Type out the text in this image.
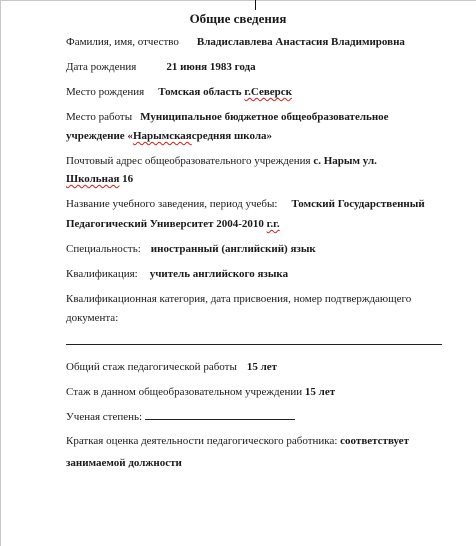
Общие сведения
Фамилия, имя, отчество Владиславлева Анастасия Владимировна
Дата рождения	21 июня 1983 года
Место рождения Томская область г.Северск
Место работы Муниципальное бюджетное общеобразовательное
учреждение «Нарымскаясредняя школа»
Почтовый адрес общеобразовательного учреждения с. Нарым ул.
Школьная 16
Название учебного заведения, период учебы: Томский Государственный
Педагогический Университет 2004-2010 г.г.
Специальность: иностранный (английский) язык
Квалификация: учитель английского языка
Квалификационная категория, дата присвоения, номер подтверждающего
документа:
Общий стаж педагогической работы 15 лет
Стаж в данном общеобразовательном учреждении 15 лет
Ученая степень:
Краткая оценка деятельности педагогического работника: соответствует
занимаемой должности
